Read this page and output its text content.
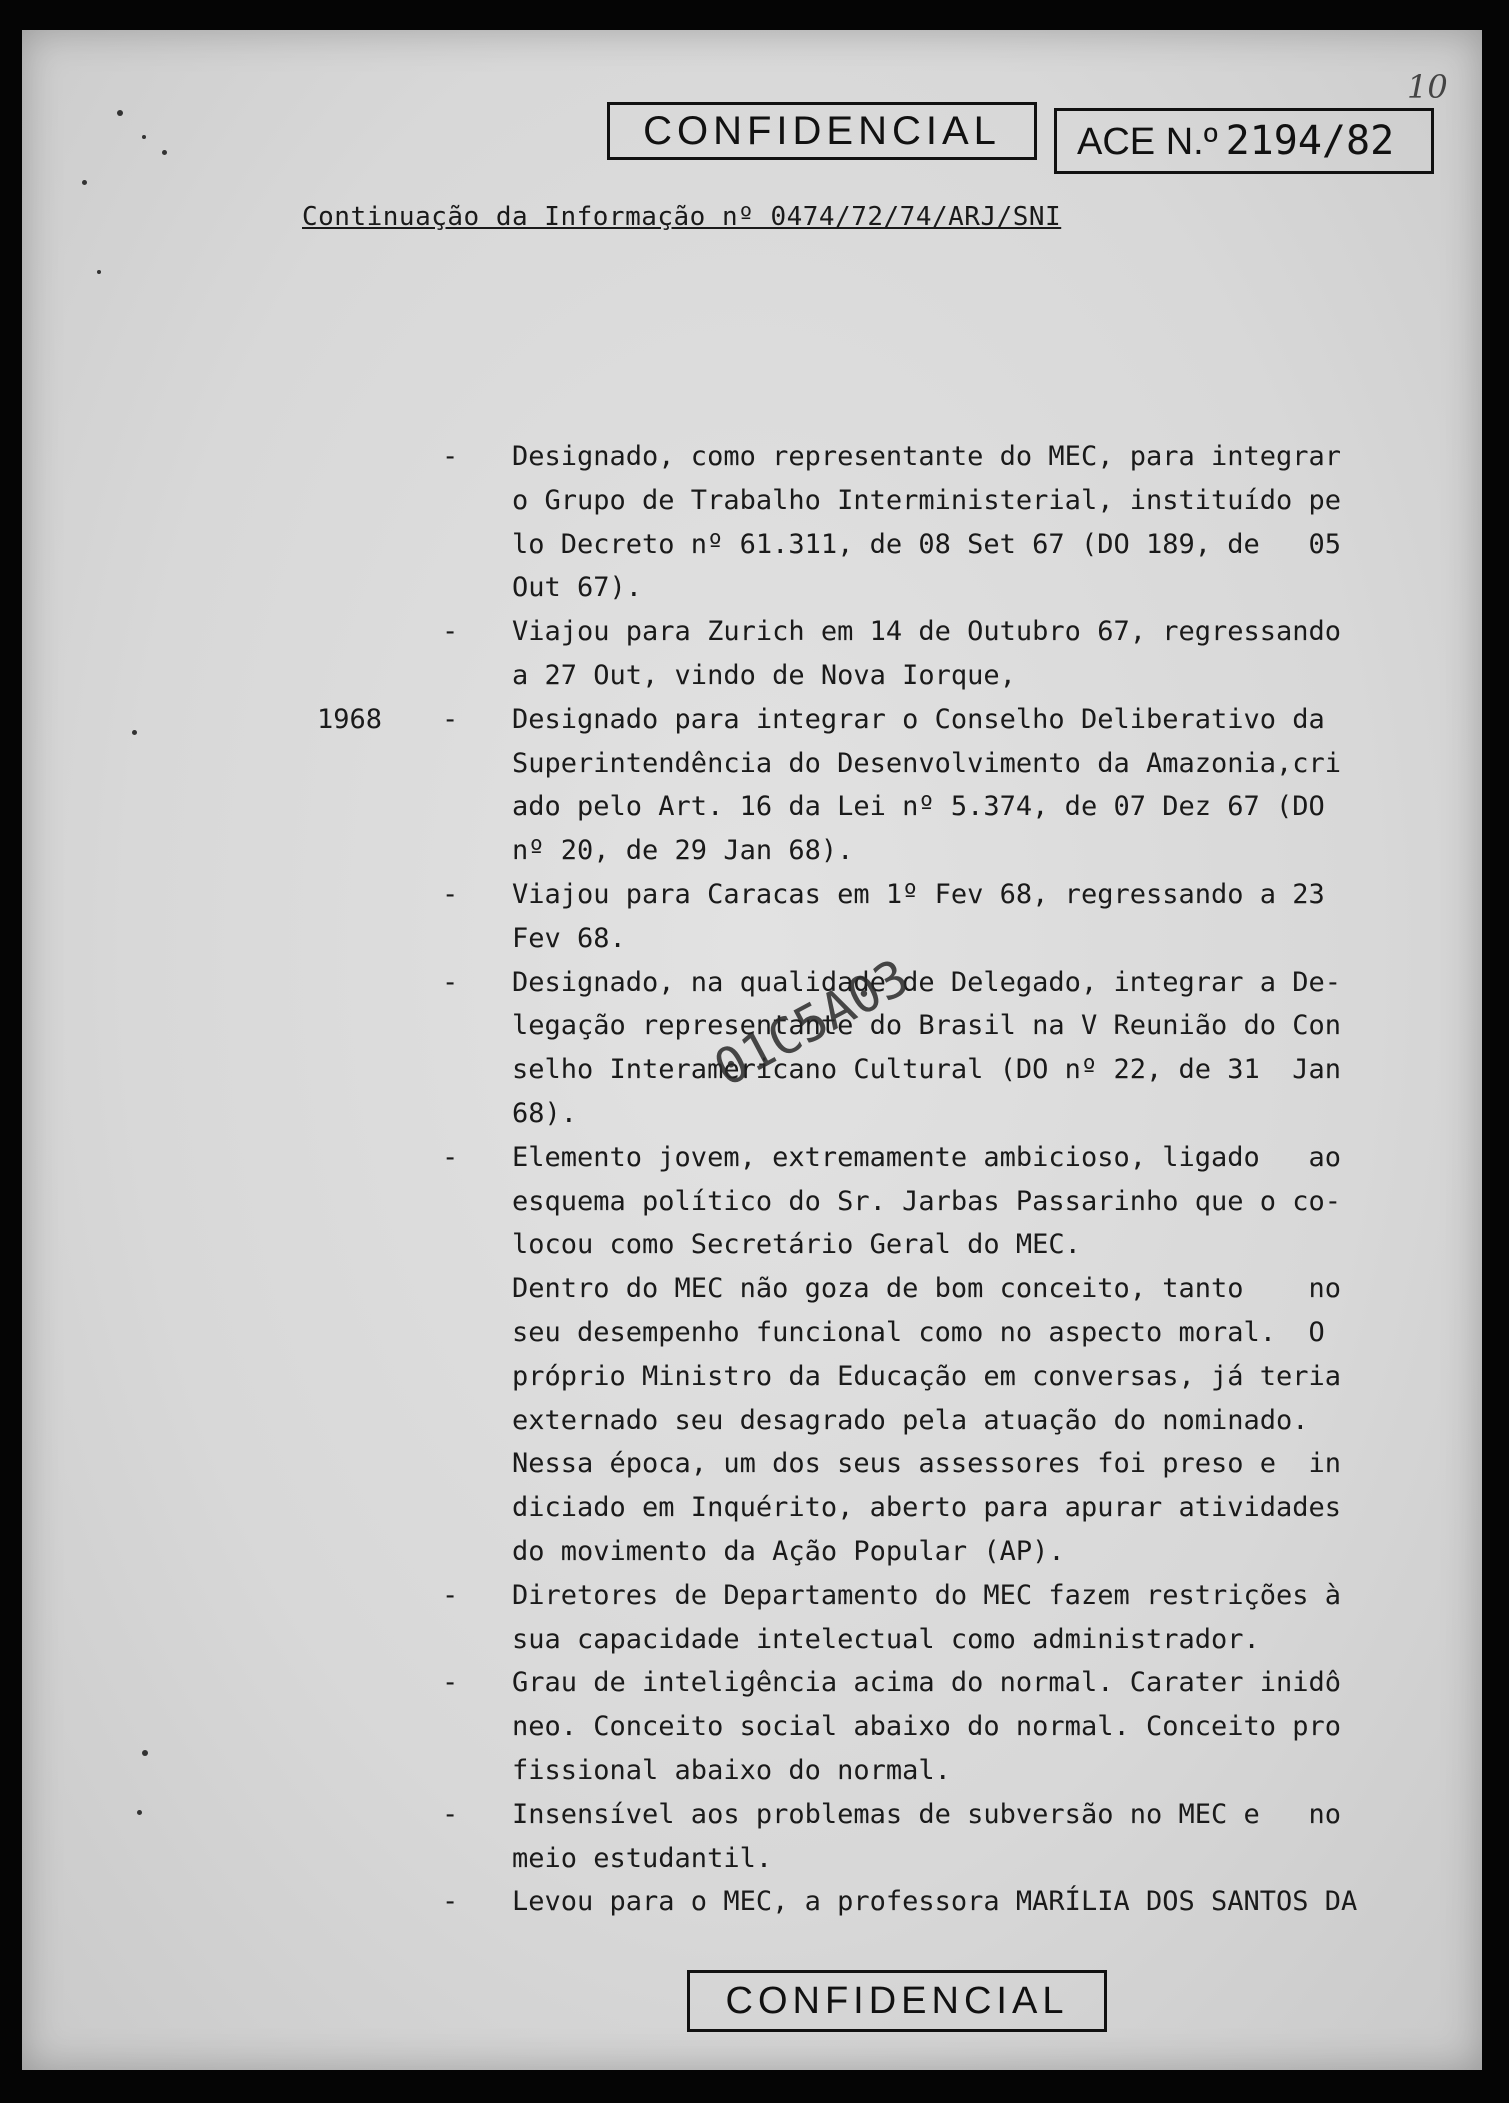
10
CONFIDENCIAL	ACE N.º 2194/82
Continuação da Informação nº 0474/72/74/ARJ/SNI
- Designado, como representante do MEC, para integrar
o Grupo de Trabalho Interministerial, instituído pe
lo Decreto nº 61.311, de 08 Set 67 (DO 189, de   05
Out 67).
- Viajou para Zurich em 14 de Outubro 67, regressando
a 27 Out, vindo de Nova Iorque,
1968	- Designado para integrar o Conselho Deliberativo da
Superintendência do Desenvolvimento da Amazonia,cri
ado pelo Art. 16 da Lei nº 5.374, de 07 Dez 67 (DO
nº 20, de 29 Jan 68).
- Viajou para Caracas em 1º Fev 68, regressando a 23
Fev 68.
- Designado, na qualidade de Delegado, integrar a De-
legação representante do Brasil na V Reunião do Con
selho Interamericano Cultural (DO nº 22, de 31  Jan
68).
- Elemento jovem, extremamente ambicioso, ligado   ao
esquema político do Sr. Jarbas Passarinho que o co-
locou como Secretário Geral do MEC.
Dentro do MEC não goza de bom conceito, tanto    no
seu desempenho funcional como no aspecto moral.  O
próprio Ministro da Educação em conversas, já teria
externado seu desagrado pela atuação do nominado.
Nessa época, um dos seus assessores foi preso e  in
diciado em Inquérito, aberto para apurar atividades
do movimento da Ação Popular (AP).
- Diretores de Departamento do MEC fazem restrições à
sua capacidade intelectual como administrador.
- Grau de inteligência acima do normal. Carater inidô
neo. Conceito social abaixo do normal. Conceito pro
fissional abaixo do normal.
- Insensível aos problemas de subversão no MEC e   no
meio estudantil.
- Levou para o MEC, a professora MARÍLIA DOS SANTOS DA
01C5A03
CONFIDENCIAL
